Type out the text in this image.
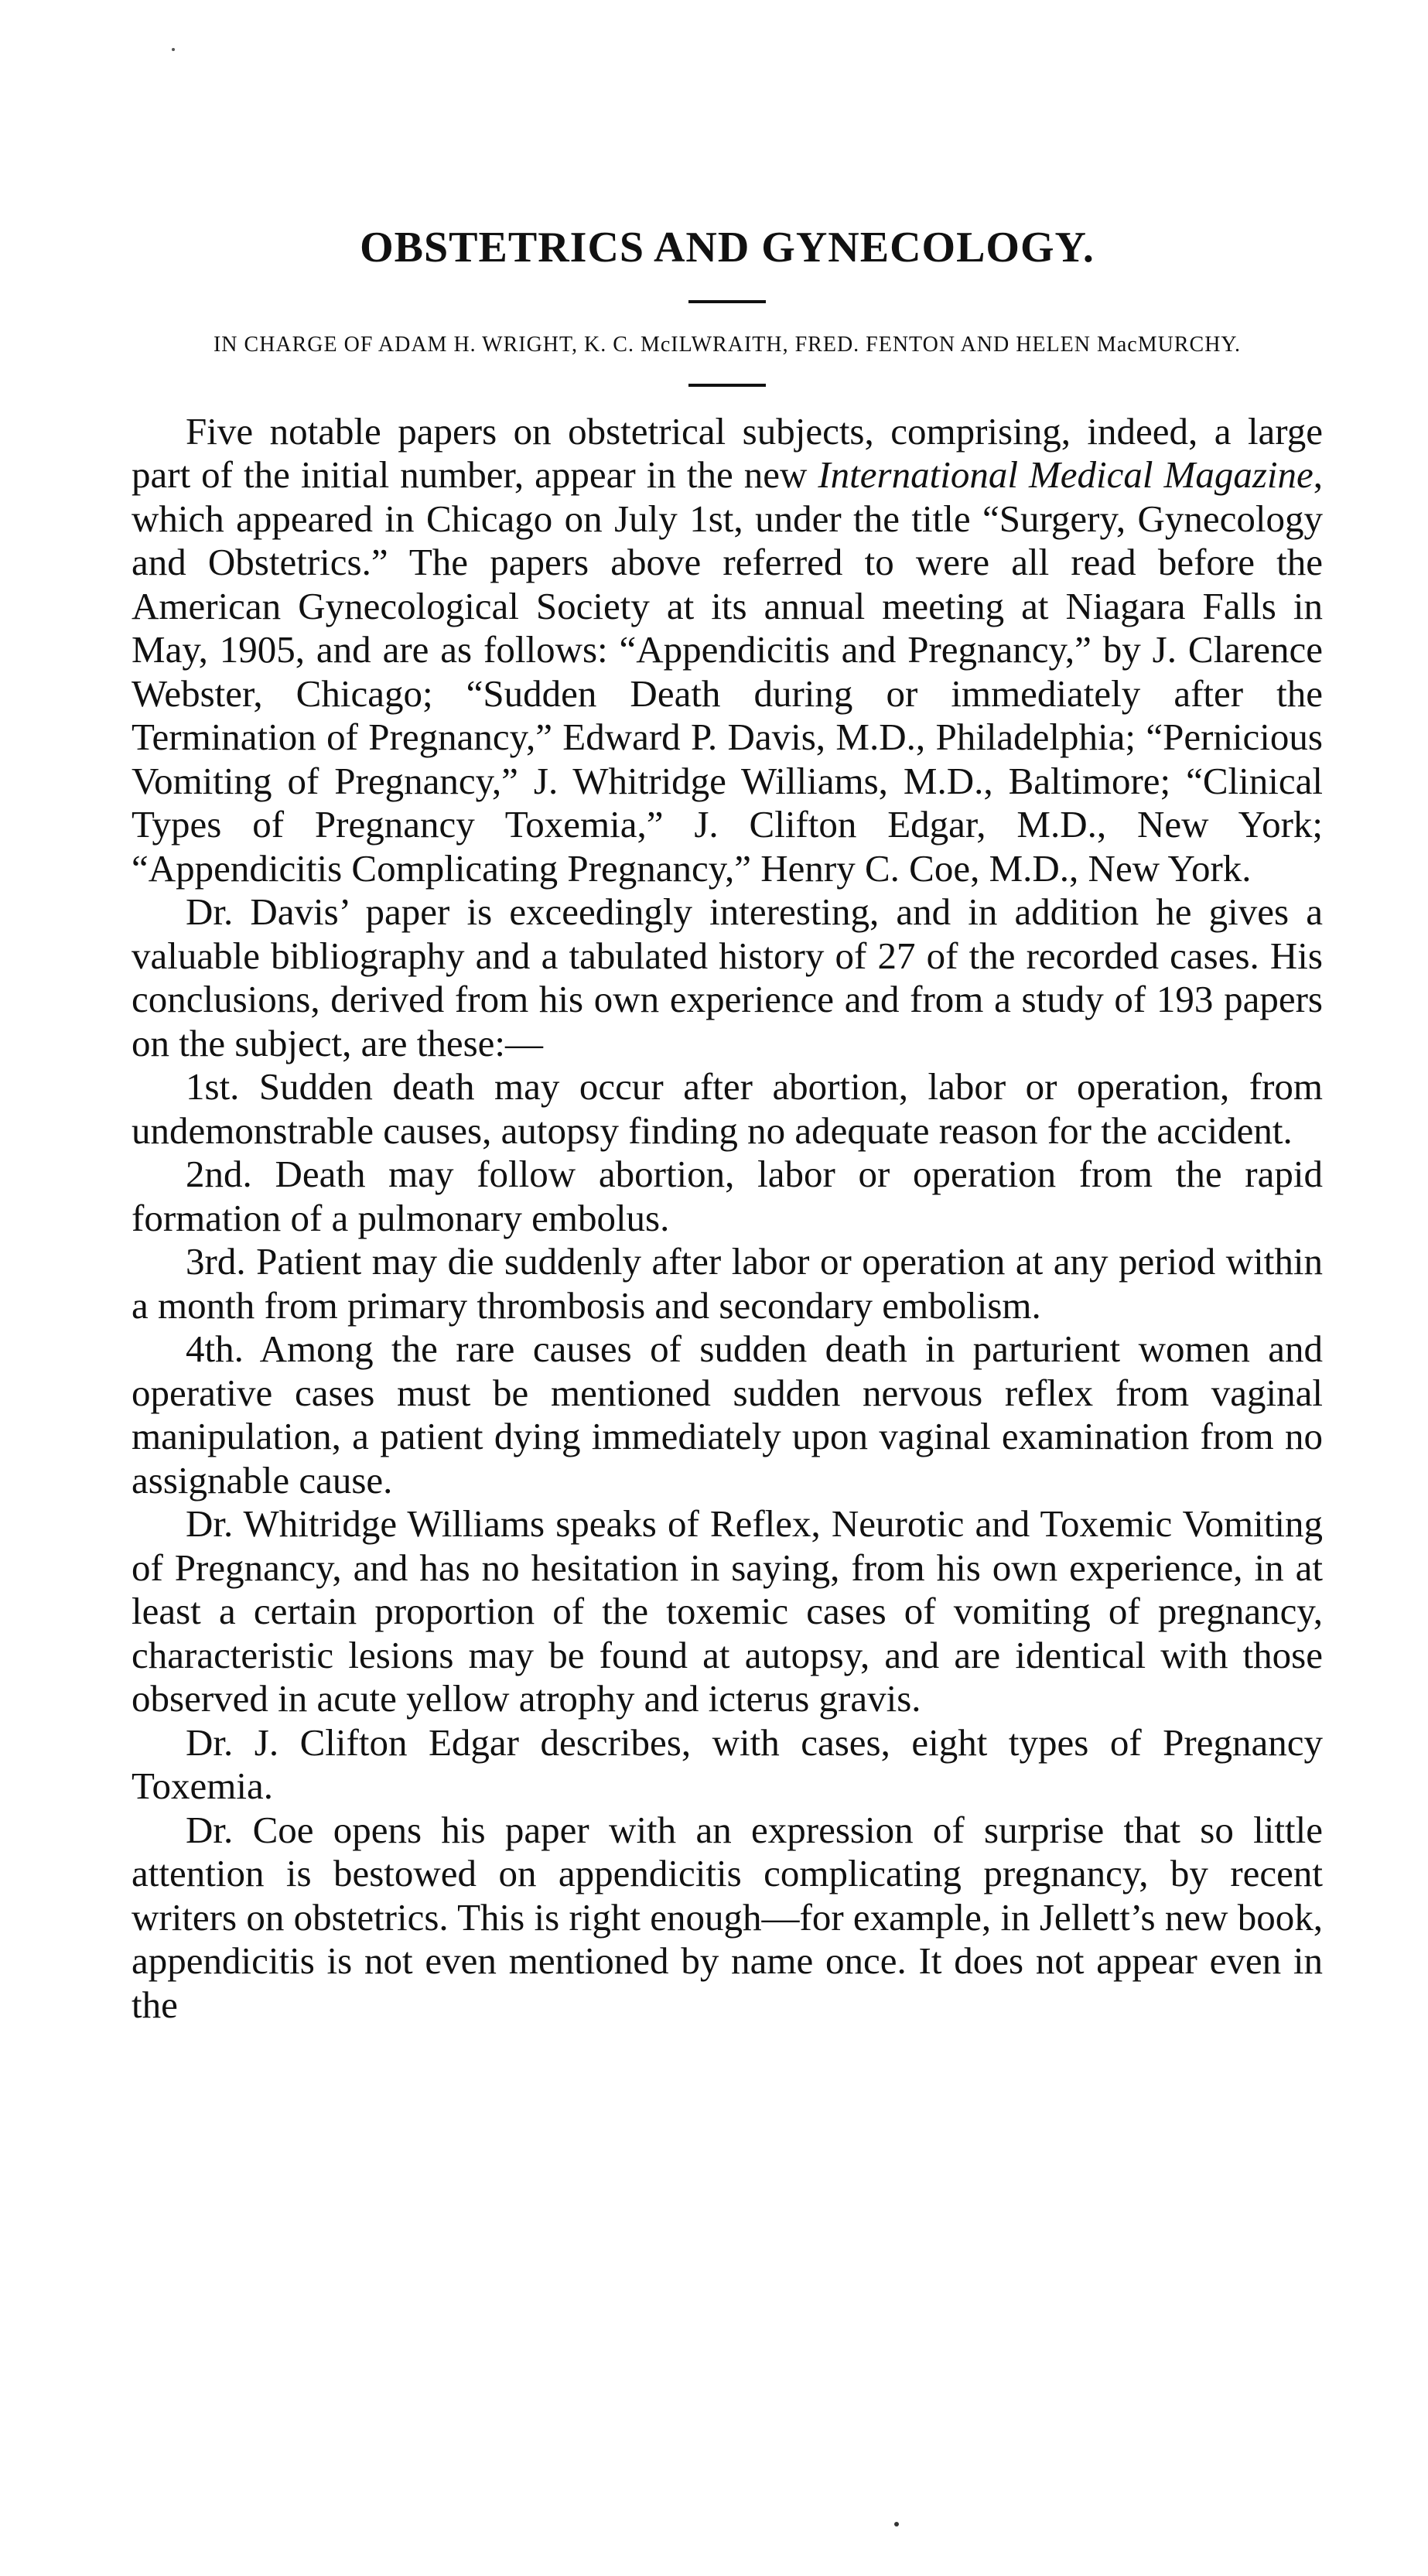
OBSTETRICS AND GYNECOLOGY.
IN CHARGE OF ADAM H. WRIGHT, K. C. McILWRAITH, FRED. FENTON AND HELEN MacMURCHY.

Five notable papers on obstetrical subjects, comprising, indeed, a large part of the initial number, appear in the new International Medical Magazine, which appeared in Chicago on July 1st, under the title “Surgery, Gynecology and Obstetrics.” The papers above referred to were all read before the American Gynecological Society at its annual meeting at Niagara Falls in May, 1905, and are as follows: “Appendicitis and Pregnancy,” by J. Clarence Webster, Chicago; “Sudden Death during or immediately after the Termination of Pregnancy,” Edward P. Davis, M.D., Philadelphia; “Pernicious Vomiting of Pregnancy,” J. Whitridge Williams, M.D., Baltimore; “Clinical Types of Pregnancy Toxemia,” J. Clifton Edgar, M.D., New York; “Appendicitis Complicating Pregnancy,” Henry C. Coe, M.D., New York.

Dr. Davis’ paper is exceedingly interesting, and in addition he gives a valuable bibliography and a tabulated history of 27 of the recorded cases. His conclusions, derived from his own experience and from a study of 193 papers on the subject, are these:—

1st. Sudden death may occur after abortion, labor or operation, from undemonstrable causes, autopsy finding no adequate reason for the accident.

2nd. Death may follow abortion, labor or operation from the rapid formation of a pulmonary embolus.

3rd. Patient may die suddenly after labor or operation at any period within a month from primary thrombosis and secondary embolism.

4th. Among the rare causes of sudden death in parturient women and operative cases must be mentioned sudden nervous reflex from vaginal manipulation, a patient dying immediately upon vaginal examination from no assignable cause.

Dr. Whitridge Williams speaks of Reflex, Neurotic and Toxemic Vomiting of Pregnancy, and has no hesitation in saying, from his own experience, in at least a certain proportion of the toxemic cases of vomiting of pregnancy, characteristic lesions may be found at autopsy, and are identical with those observed in acute yellow atrophy and icterus gravis.

Dr. J. Clifton Edgar describes, with cases, eight types of Pregnancy Toxemia.

Dr. Coe opens his paper with an expression of surprise that so little attention is bestowed on appendicitis complicating pregnancy, by recent writers on obstetrics. This is right enough—for example, in Jellett’s new book, appendicitis is not even mentioned by name once. It does not appear even in the
